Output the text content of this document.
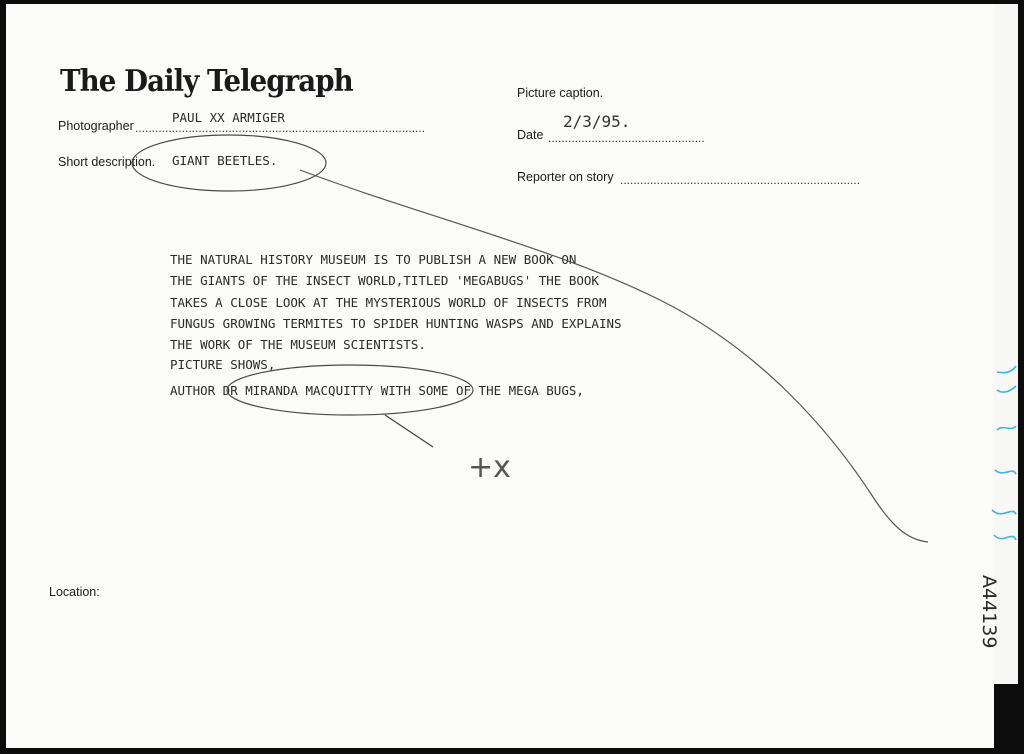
The Daily Telegraph
Photographer .......................................................................................
PAUL XX ARMIGER
Short description. GIANT BEETLES.
Picture caption.
Date ...............................................
2/3/95.
Reporter on story ........................................................................
THE NATURAL HISTORY MUSEUM IS TO PUBLISH A NEW BOOK ON
THE GIANTS OF THE INSECT WORLD,TITLED 'MEGABUGS' THE BOOK
TAKES A CLOSE LOOK AT THE MYSTERIOUS WORLD OF INSECTS FROM
FUNGUS GROWING TERMITES TO SPIDER HUNTING WASPS AND EXPLAINS
THE WORK OF THE MUSEUM SCIENTISTS.
PICTURE SHOWS,
AUTHOR DR MIRANDA MACQUITTY WITH SOME OF THE MEGA BUGS,
Location:
+x
A44139
